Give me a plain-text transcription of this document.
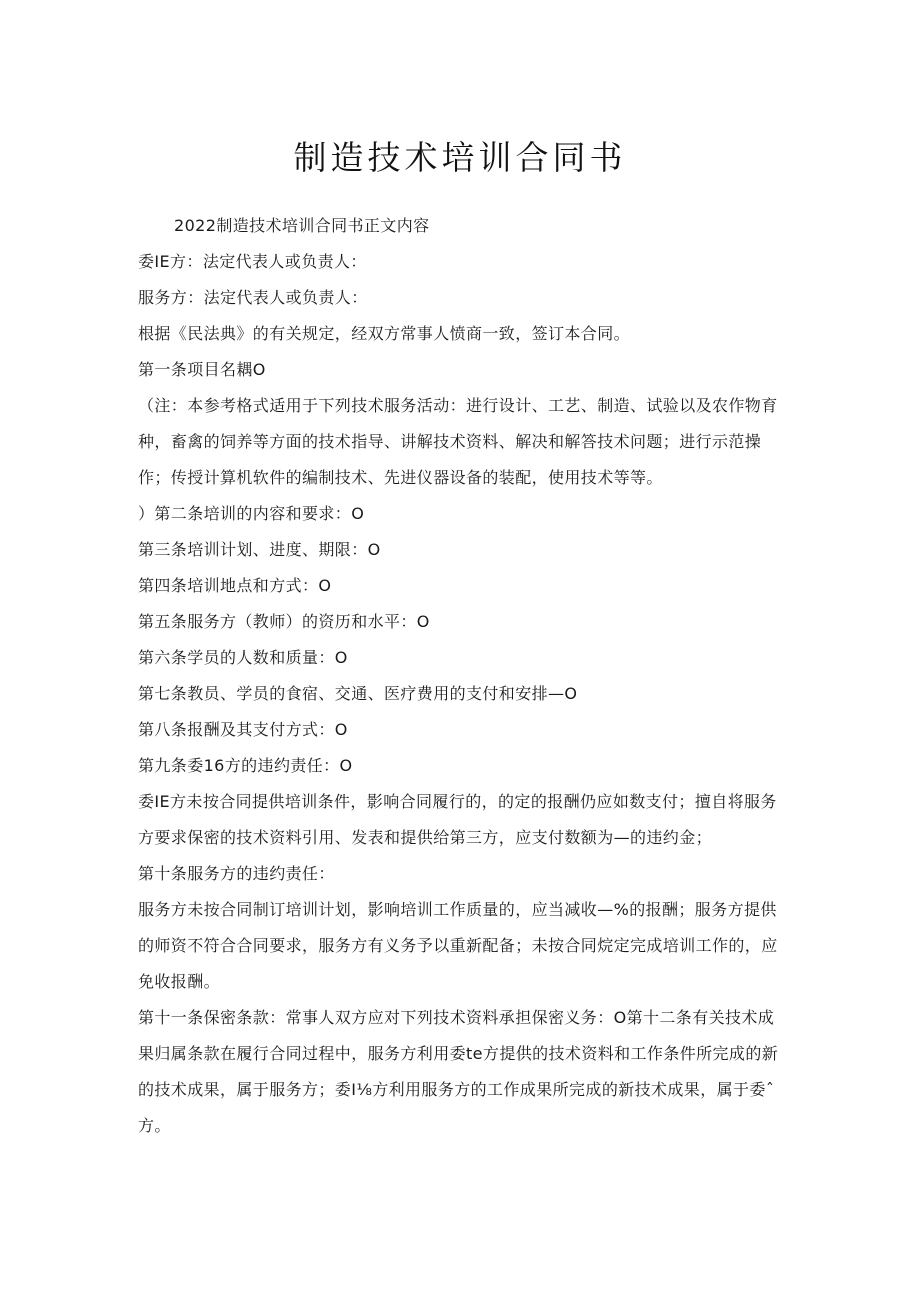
制造技术培训合同书

2022制造技术培训合同书正文内容

委IE方：法定代表人或负责人：

服务方：法定代表人或负责人：

根据《民法典》的有关规定，经双方常事人愤商一致，签订本合同。

第一条项目名耦O

（注：本参考格式适用于下列技术服务活动：进行设计、工艺、制造、试验以及农作物育种，畜禽的饲养等方面的技术指导、讲解技术资料、解决和解答技术问题；进行示范操作；传授计算机软件的编制技术、先进仪器设备的装配，使用技术等等。

）第二条培训的内容和要求：O

第三条培训计划、进度、期限：O

第四条培训地点和方式：O

第五条服务方（教师）的资历和水平：O

第六条学员的人数和质量：O

第七条教员、学员的食宿、交通、医疗费用的支付和安排—O

第八条报酬及其支付方式：O

第九条委16方的违约责任：O

委IE方未按合同提供培训条件，影响合同履行的，的定的报酬仍应如数支付；擅自将服务方要求保密的技术资料引用、发表和提供给第三方，应支付数额为—的违约金；

第十条服务方的违约责任：

服务方未按合同制订培训计划，影响培训工作质量的，应当减收—%的报酬；服务方提供的师资不符合合同要求，服务方有义务予以重新配备；未按合同烷定完成培训工作的，应免收报酬。

第十一条保密条款：常事人双方应对下列技术资料承担保密义务：O第十二条有关技术成果归属条款在履行合同过程中，服务方利用委te方提供的技术资料和工作条件所完成的新的技术成果，属于服务方；委I⅛方利用服务方的工作成果所完成的新技术成果，属于委ˆ方。
